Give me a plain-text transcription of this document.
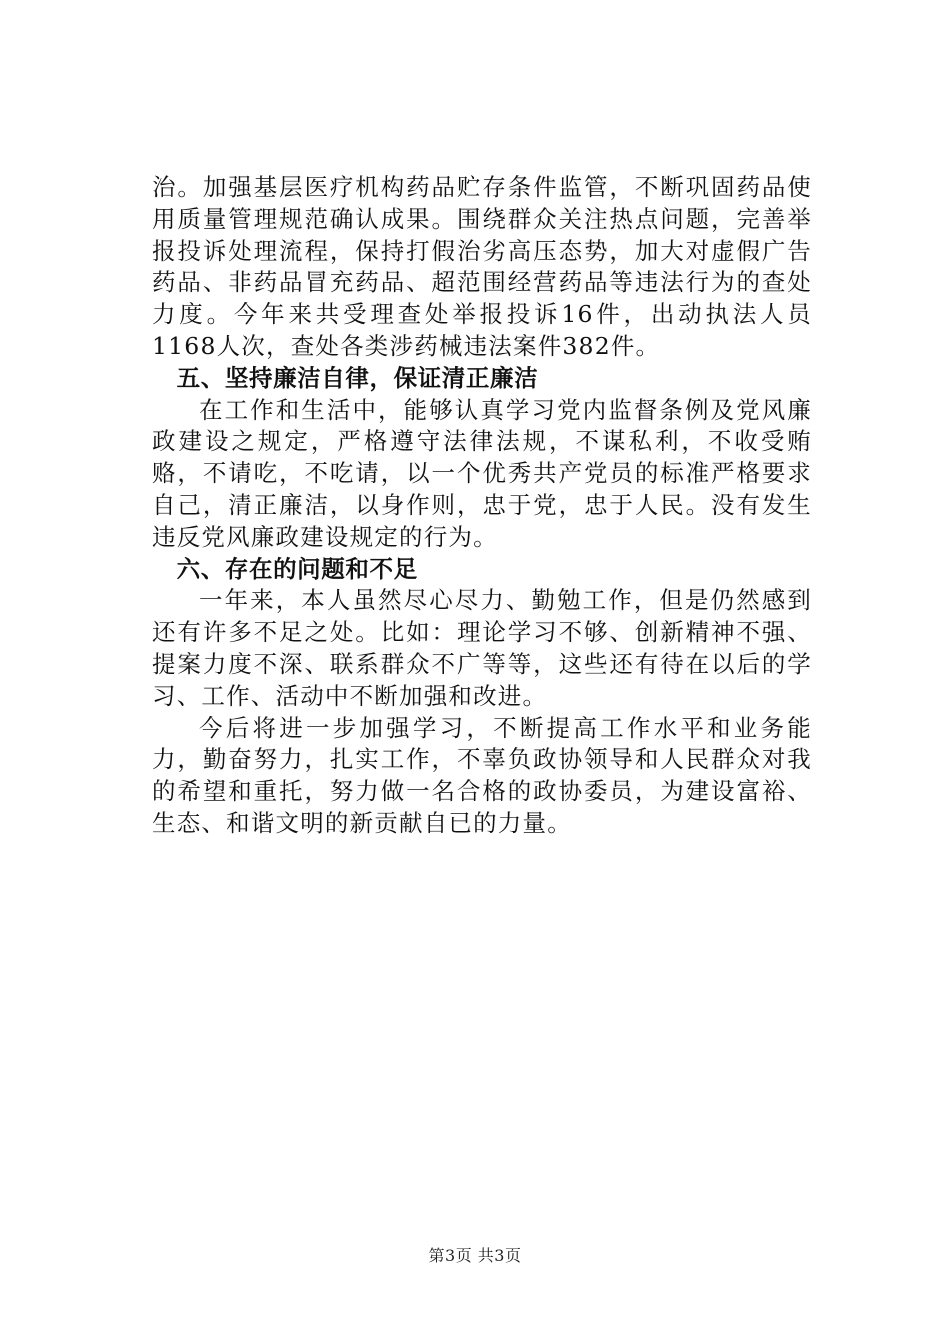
治。加强基层医疗机构药品贮存条件监管，不断巩固药品使用质量管理规范确认成果。围绕群众关注热点问题，完善举报投诉处理流程，保持打假治劣高压态势，加大对虚假广告药品、非药品冒充药品、超范围经营药品等违法行为的查处力度。今年来共受理查处举报投诉16件，出动执法人员1168人次，查处各类涉药械违法案件382件。

五、坚持廉洁自律，保证清正廉洁

在工作和生活中，能够认真学习党内监督条例及党风廉政建设之规定，严格遵守法律法规，不谋私利，不收受贿赂，不请吃，不吃请，以一个优秀共产党员的标准严格要求自己，清正廉洁，以身作则，忠于党，忠于人民。没有发生违反党风廉政建设规定的行为。

六、存在的问题和不足

一年来，本人虽然尽心尽力、勤勉工作，但是仍然感到还有许多不足之处。比如：理论学习不够、创新精神不强、提案力度不深、联系群众不广等等，这些还有待在以后的学习、工作、活动中不断加强和改进。

今后将进一步加强学习，不断提高工作水平和业务能力，勤奋努力，扎实工作，不辜负政协领导和人民群众对我的希望和重托，努力做一名合格的政协委员，为建设富裕、生态、和谐文明的新贡献自已的力量。

第3页 共3页
